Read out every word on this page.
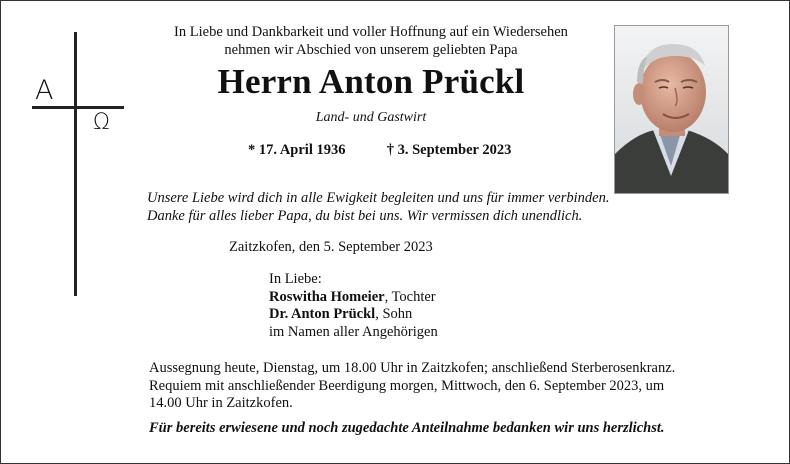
A
Ω
In Liebe und Dankbarkeit und voller Hoffnung auf ein Wiedersehen
nehmen wir Abschied von unserem geliebten Papa
Herrn Anton Prückl
Land- und Gastwirt
* 17. April 1936	† 3. September 2023
Unsere Liebe wird dich in alle Ewigkeit begleiten und uns für immer verbinden.
Danke für alles lieber Papa, du bist bei uns. Wir vermissen dich unendlich.
Zaitzkofen, den 5. September 2023
In Liebe:
Roswitha Homeier, Tochter
Dr. Anton Prückl, Sohn
im Namen aller Angehörigen
Aussegnung heute, Dienstag, um 18.00 Uhr in Zaitzkofen; anschließend Sterberosenkranz.
Requiem mit anschließender Beerdigung morgen, Mittwoch, den 6. September 2023, um
14.00 Uhr in Zaitzkofen.
Für bereits erwiesene und noch zugedachte Anteilnahme bedanken wir uns herzlichst.
